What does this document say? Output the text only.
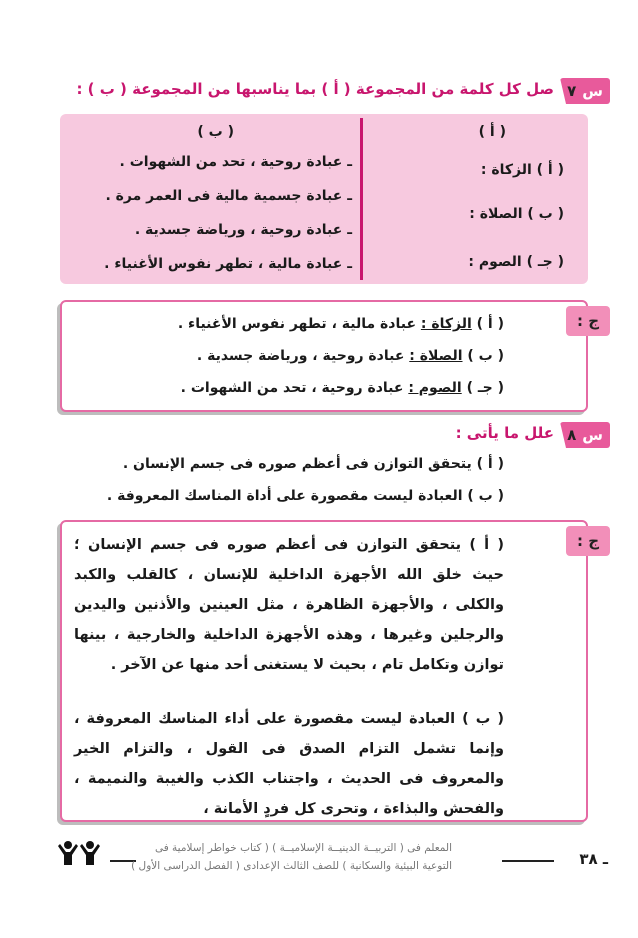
س
٧
صل كل كلمة من المجموعة ( أ ) بما يناسبها من المجموعة ( ب ) :
( أ )
( ب )
( أ ) الزكاة :
( ب ) الصلاة :
( جـ ) الصوم :
ـ عبادة روحية ، تحد من الشهوات .
ـ عبادة جسمية مالية فى العمر مرة .
ـ عبادة روحية ، ورياضة جسدية .
ـ عبادة مالية ، تطهر نفوس الأغنياء .
ج :
( أ ) الزكاة : عبادة مالية ، تطهر نفوس الأغنياء .
( ب ) الصلاة : عبادة روحية ، ورياضة جسدية .
( جـ ) الصوم : عبادة روحية ، تحد من الشهوات .
س
٨
علل ما يأتى :
( أ ) يتحقق التوازن فى أعظم صوره فى جسم الإنسان .
( ب ) العبادة ليست مقصورة على أداة المناسك المعروفة .
ج :
( أ ) يتحقق التوازن فى أعظم صوره فى جسم الإنسان ؛ حيث خلق الله الأجهزة الداخلية للإنسان ، كالقلب والكبد والكلى ، والأجهزة الظاهرة ، مثل العينين والأذنين واليدين والرجلين وغيرها ، وهذه الأجهزة الداخلية والخارجية ، بينها توازن وتكامل تام ، بحيث لا يستغنى أحد منها عن الآخر .
( ب ) العبادة ليست مقصورة على أداء المناسك المعروفة ، وإنما تشمل التزام الصدق فى القول ، والتزام الخير والمعروف فى الحديث ، واجتناب الكذب والغيبة والنميمة ، والفحش والبذاءة ، وتحرى كل فردٍ الأمانة ،
ـ ٣٨
المعلم فى ( التربيــة الدينيــة الإسلاميــة ) ( كتاب خواطر إسلامية فى
التوعية البيئية والسكانية ) للصف الثالث الإعدادى ( الفصل الدراسى الأول )
